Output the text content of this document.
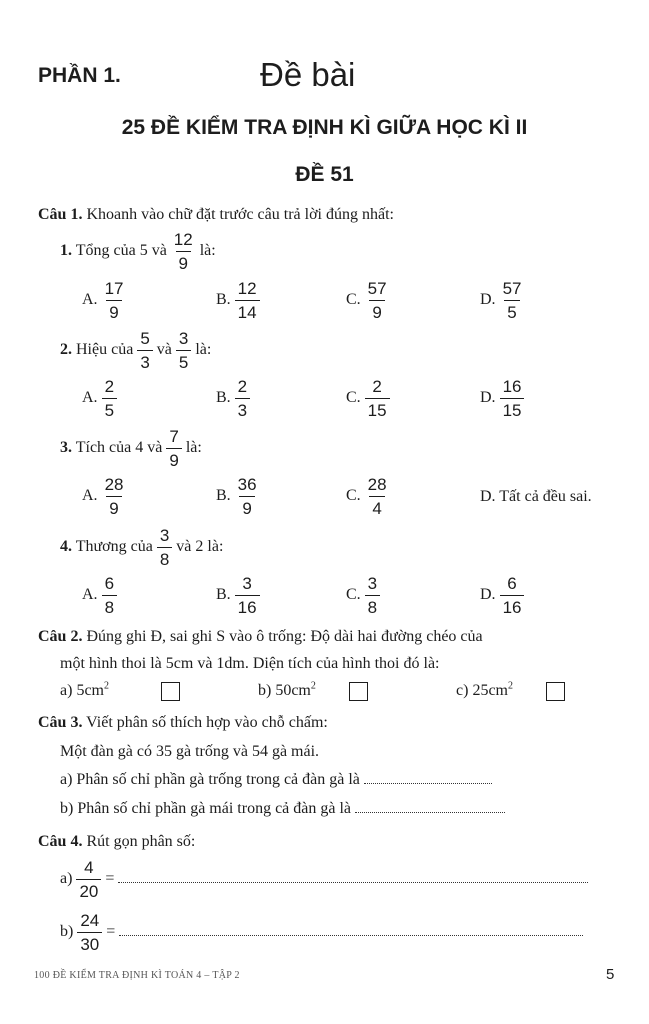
PHẦN 1.	Đề bài
25 ĐỀ KIỂM TRA ĐỊNH KÌ GIỮA HỌC KÌ II
ĐỀ 51
Câu 1. Khoanh vào chữ đặt trước câu trả lời đúng nhất:
1. Tổng của 5 và $\frac{12}{9}$ là:
A. $\frac{17}{9}$	B. $\frac{12}{14}$	C. $\frac{57}{9}$	D. $\frac{57}{5}$
2. Hiệu của $\frac{5}{3}$ và $\frac{3}{5}$ là:
A. $\frac{2}{5}$	B. $\frac{2}{3}$	C. $\frac{2}{15}$	D. $\frac{16}{15}$
3. Tích của 4 và $\frac{7}{9}$ là:
A. $\frac{28}{9}$	B. $\frac{36}{9}$	C. $\frac{28}{4}$	D. Tất cả đều sai.
4. Thương của $\frac{3}{8}$ và 2 là:
A. $\frac{6}{8}$	B. $\frac{3}{16}$	C. $\frac{3}{8}$	D. $\frac{6}{16}$
Câu 2. Đúng ghi Đ, sai ghi S vào ô trống: Độ dài hai đường chéo của
một hình thoi là 5cm và 1dm. Diện tích của hình thoi đó là:
a) $5cm^2$	b) $50cm^2$	c) $25cm^2$
Câu 3. Viết phân số thích hợp vào chỗ chấm:
Một đàn gà có 35 gà trống và 54 gà mái.
a) Phân số chỉ phần gà trống trong cả đàn gà là
b) Phân số chỉ phần gà mái trong cả đàn gà là
Câu 4. Rút gọn phân số:
$a) \frac{4}{20}$ =
$b) \frac{24}{30}$ =
100 ĐỀ KIỂM TRA ĐỊNH KÌ TOÁN 4 – TẬP 2	5
